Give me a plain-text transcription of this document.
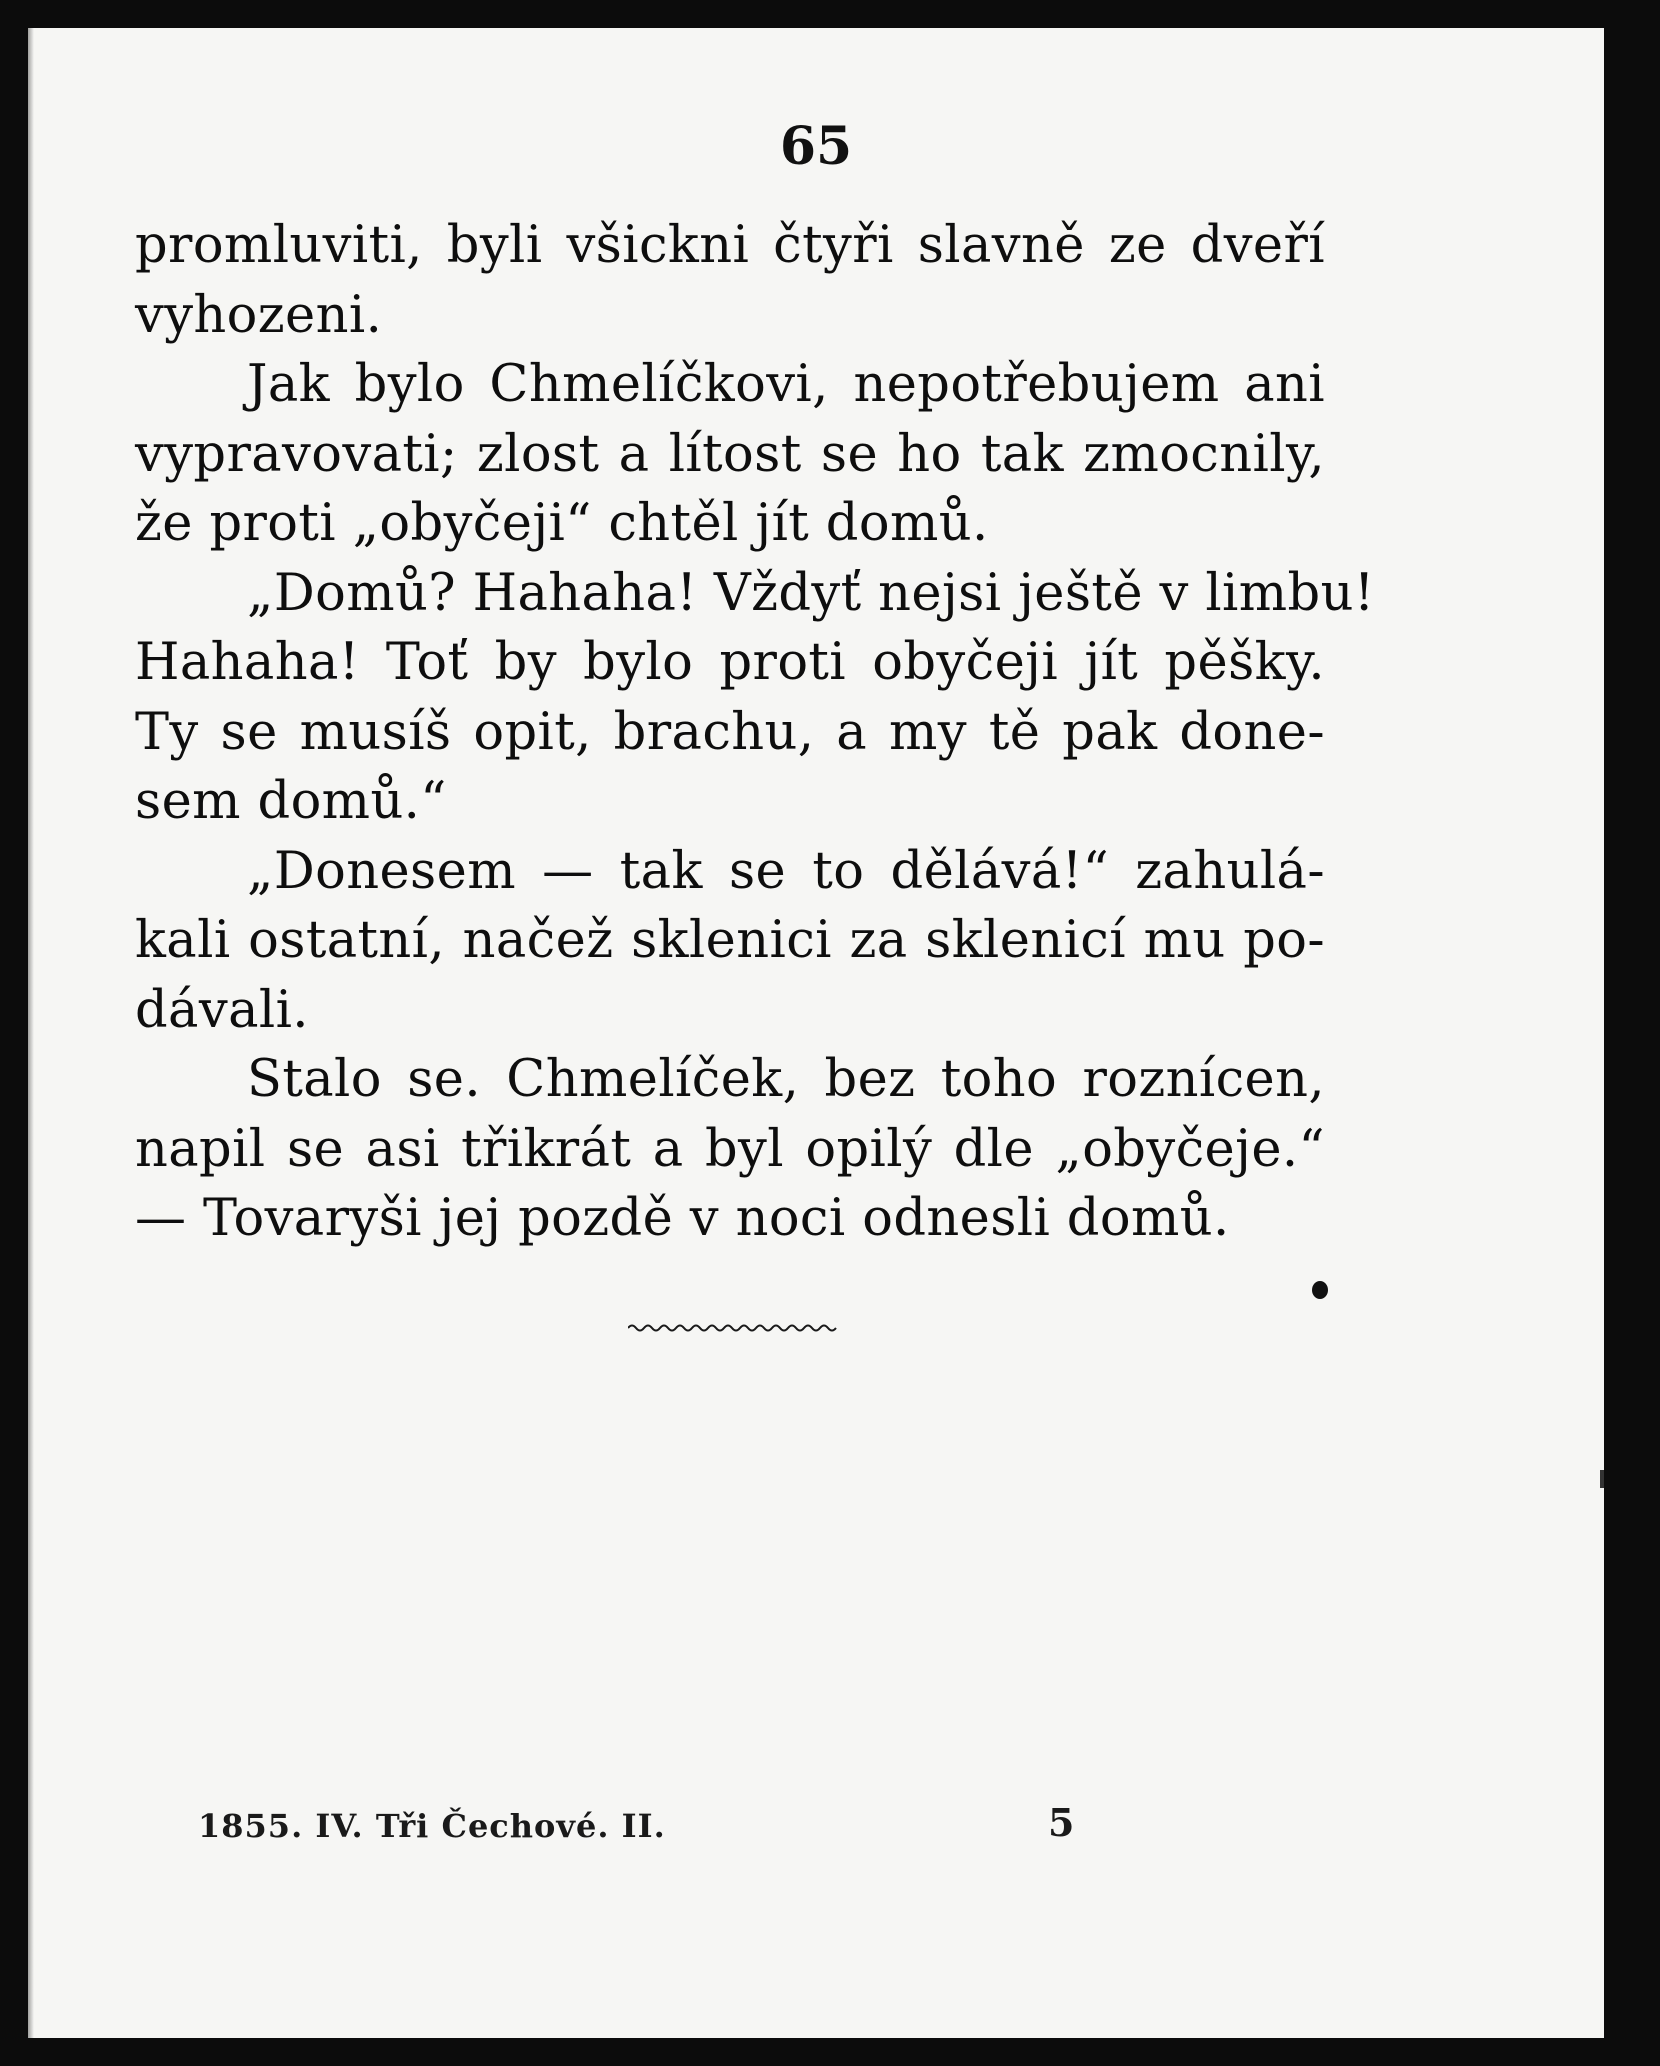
65
promluviti, byli všickni čtyři slavně ze dveří
vyhozeni.
Jak bylo Chmelíčkovi, nepotřebujem ani
vypravovati; zlost a lítost se ho tak zmocnily,
že proti „obyčeji“ chtěl jít domů.
„Domů? Hahaha! Vždyť nejsi ještě v limbu!
Hahaha! Toť by bylo proti obyčeji jít pěšky.
Ty se musíš opit, brachu, a my tě pak done-
sem domů.“
„Donesem — tak se to dělává!“ zahulá-
kali ostatní, načež sklenici za sklenicí mu po-
dávali.
Stalo se. Chmelíček, bez toho roznícen,
napil se asi třikrát a byl opilý dle „obyčeje.“
— Tovaryši jej pozdě v noci odnesli domů.
1855. IV. Tři Čechové. II.	5
